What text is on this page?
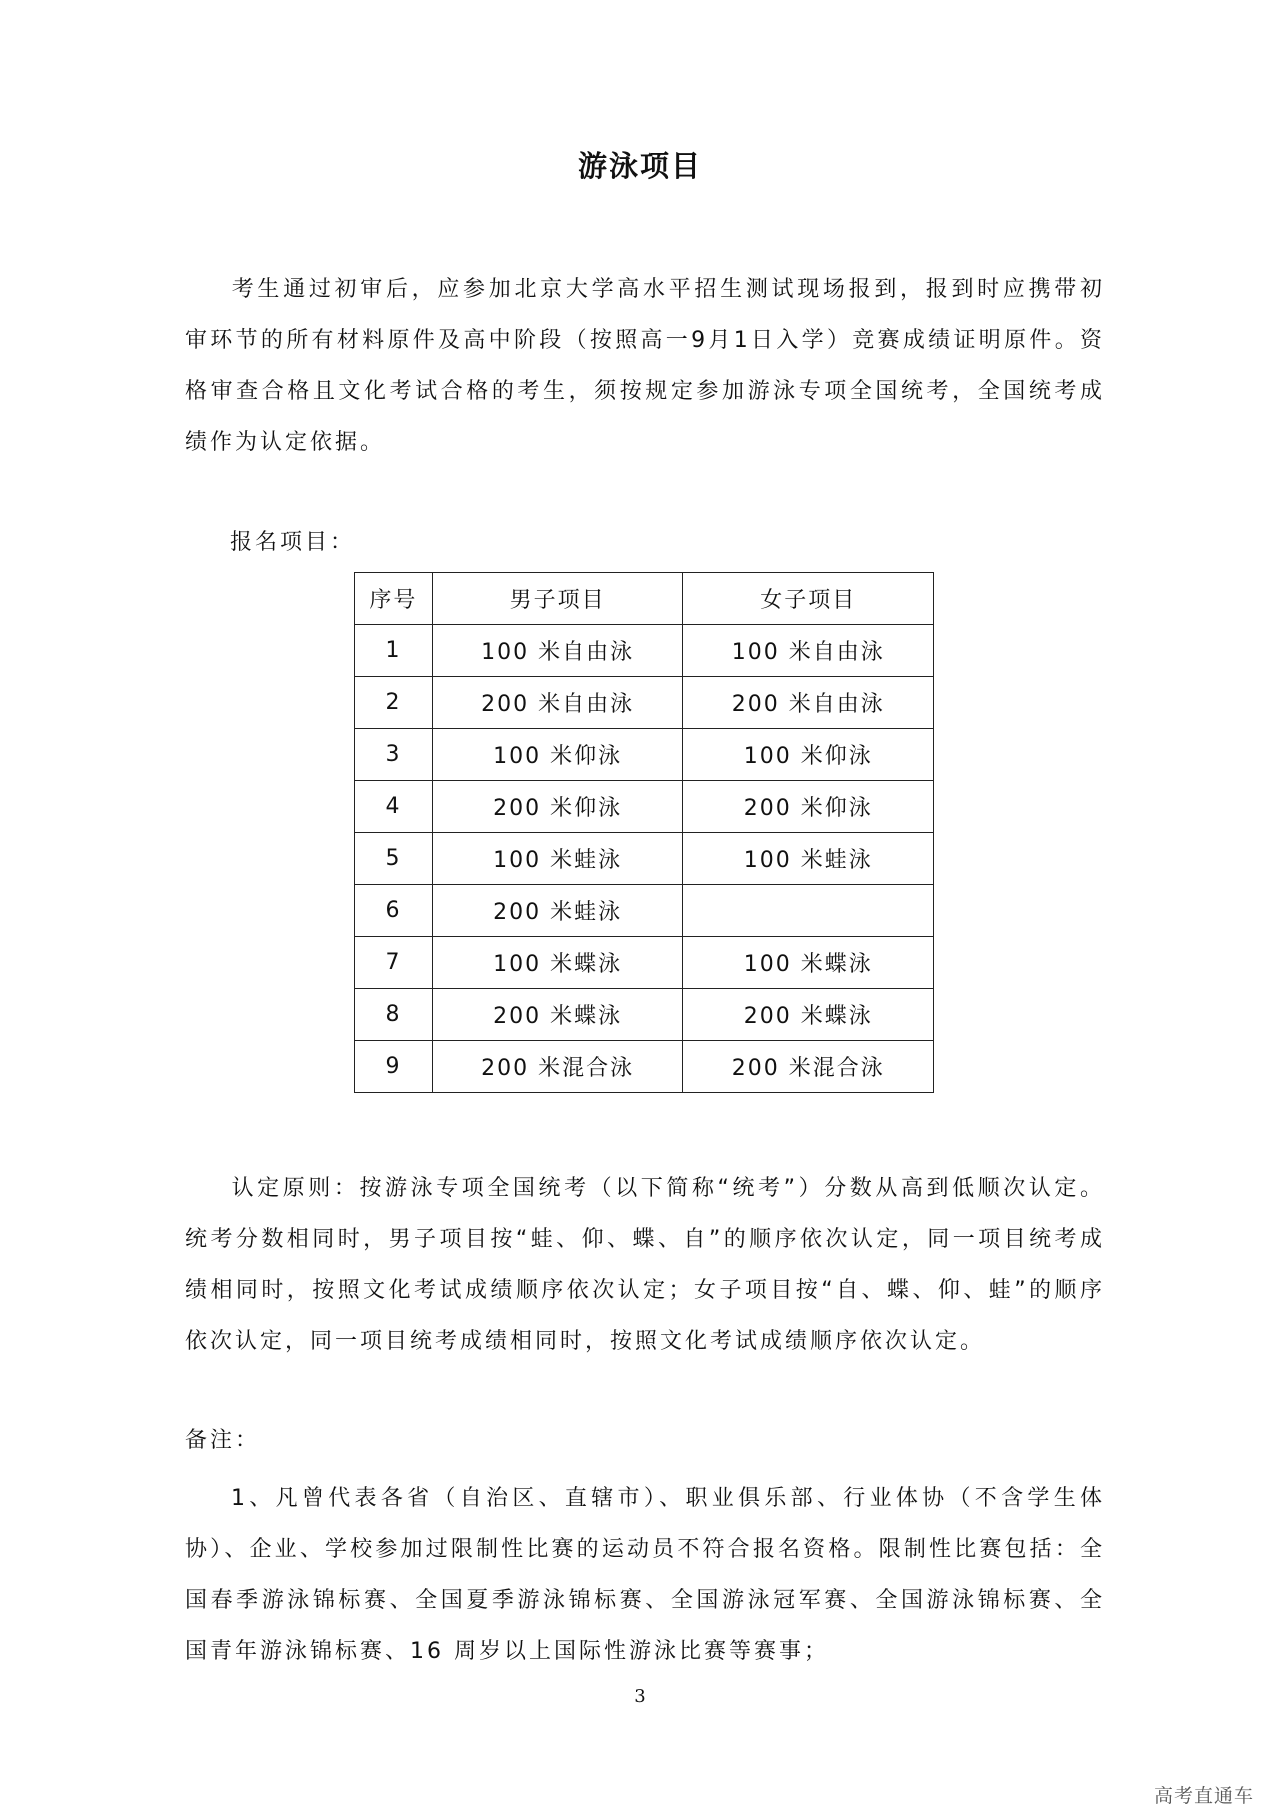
游泳项目
考生通过初审后，应参加北京大学高水平招生测试现场报到，报到时应携带初审环节的所有材料原件及高中阶段（按照高一9月1日入学）竞赛成绩证明原件。资格审查合格且文化考试合格的考生，须按规定参加游泳专项全国统考，全国统考成绩作为认定依据。
报名项目：
序号	男子项目	女子项目
1	100 米自由泳	100 米自由泳
2	200 米自由泳	200 米自由泳
3	100 米仰泳	100 米仰泳
4	200 米仰泳	200 米仰泳
5	100 米蛙泳	100 米蛙泳
6	200 米蛙泳	
7	100 米蝶泳	100 米蝶泳
8	200 米蝶泳	200 米蝶泳
9	200 米混合泳	200 米混合泳
认定原则：按游泳专项全国统考（以下简称“统考”）分数从高到低顺次认定。统考分数相同时，男子项目按“蛙、仰、蝶、自”的顺序依次认定，同一项目统考成绩相同时，按照文化考试成绩顺序依次认定；女子项目按“自、蝶、仰、蛙”的顺序依次认定，同一项目统考成绩相同时，按照文化考试成绩顺序依次认定。
备注：
1、凡曾代表各省（自治区、直辖市）、职业俱乐部、行业体协（不含学生体协）、企业、学校参加过限制性比赛的运动员不符合报名资格。限制性比赛包括：全国春季游泳锦标赛、全国夏季游泳锦标赛、全国游泳冠军赛、全国游泳锦标赛、全国青年游泳锦标赛、16 周岁以上国际性游泳比赛等赛事；
3
高考直通车
